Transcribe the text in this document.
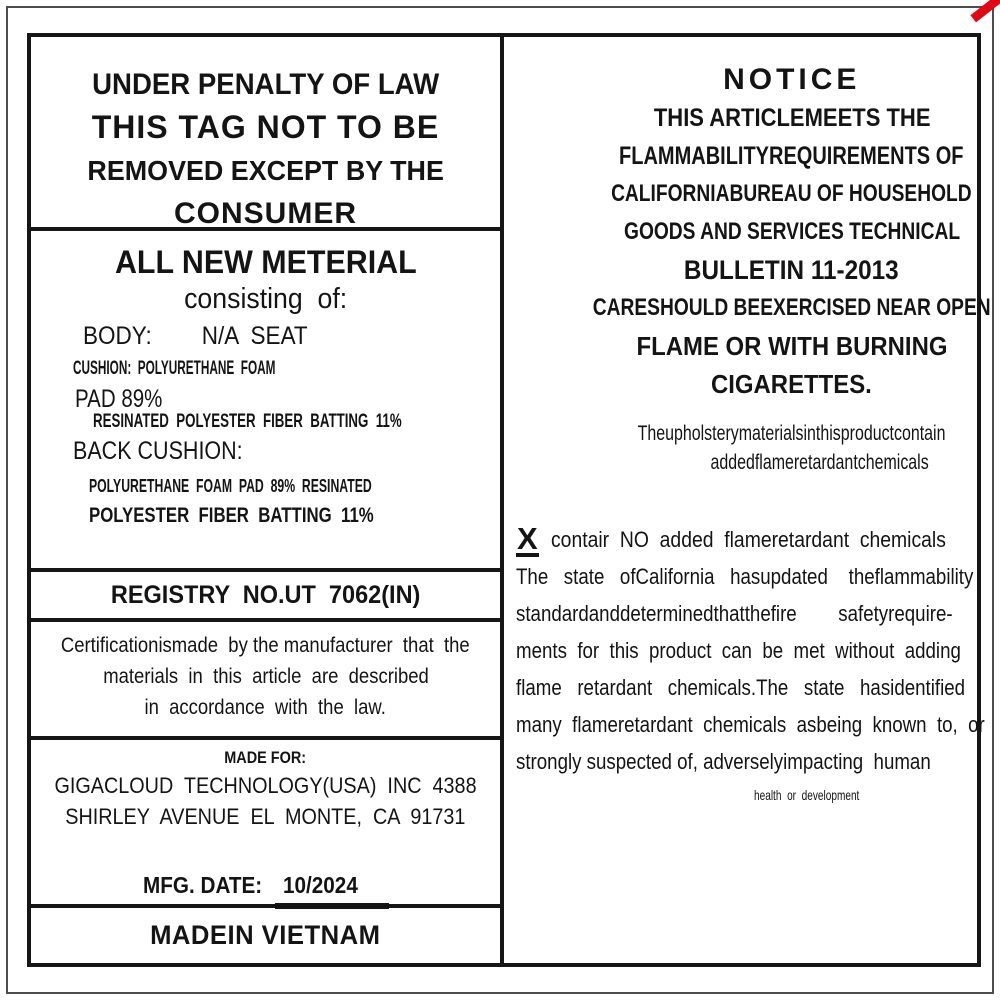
UNDER PENALTY OF LAW
THIS TAG NOT TO BE
REMOVED EXCEPT BY THE
CONSUMER
ALL NEW METERIAL
consisting  of:
BODY:        N/A  SEAT
CUSHION:  POLYURETHANE  FOAM
PAD 89%
RESINATED  POLYESTER  FIBER  BATTING  11%
BACK CUSHION:
POLYURETHANE  FOAM  PAD  89%  RESINATED
POLYESTER  FIBER  BATTING  11%
REGISTRY  NO.UT  7062(IN)
Certificationismade  by the manufacturer  that  the
materials  in  this  article  are  described
in  accordance  with  the  law.
MADE FOR:
GIGACLOUD  TECHNOLOGY(USA)  INC  4388
SHIRLEY  AVENUE  EL  MONTE,  CA  91731

MFG. DATE: 10/2024

MADEIN VIETNAM
NOTICE
THIS ARTICLEMEETS THE
FLAMMABILITYREQUIREMENTS OF
CALIFORNIABUREAU OF HOUSEHOLD
GOODS AND SERVICES TECHNICAL
BULLETIN 11-2013
CARESHOULD BEEXERCISED NEAR OPEN
FLAME OR WITH BURNING
CIGARETTES.
Theupholsterymaterialsinthisproductcontain
addedflameretardantchemicals
X contair  NO  added  flameretardant  chemicals
The   state   ofCalifornia   hasupdated    theflammability
standardanddeterminedthatthefire        safetyrequire-
ments  for  this  product  can  be  met  without  adding
flame   retardant   chemicals.The   state   hasidentified
many  flameretardant  chemicals  asbeing  known  to,  or
strongly suspected of, adverselyimpacting  human
health  or  development
